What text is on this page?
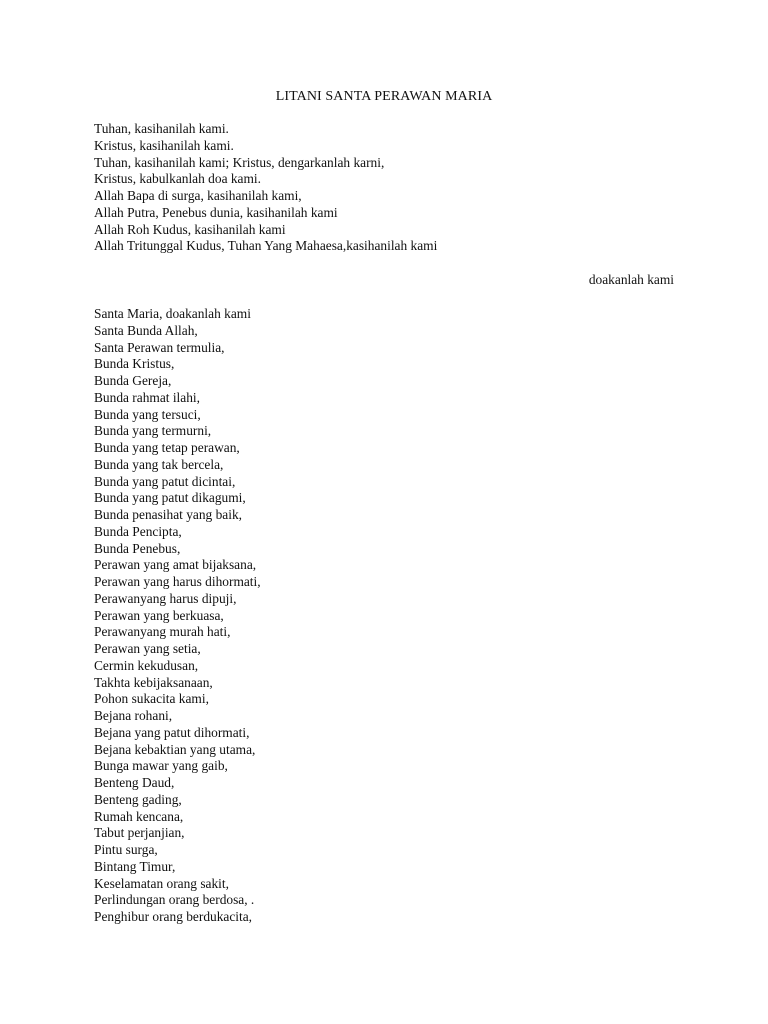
LITANI SANTA PERAWAN MARIA
Tuhan, kasihanilah kami.
Kristus, kasihanilah kami.
Tuhan, kasihanilah kami; Kristus, dengarkanlah karni,
Kristus, kabulkanlah doa kami.
Allah Bapa di surga, kasihanilah kami,
Allah Putra, Penebus dunia, kasihanilah kami
Allah Roh Kudus, kasihanilah kami
Allah Tritunggal Kudus, Tuhan Yang Mahaesa,kasihanilah kami
doakanlah kami
Santa Maria, doakanlah kami
Santa Bunda Allah,
Santa Perawan termulia,
Bunda Kristus,
Bunda Gereja,
Bunda rahmat ilahi,
Bunda yang tersuci,
Bunda yang termurni,
Bunda yang tetap perawan,
Bunda yang tak bercela,
Bunda yang patut dicintai,
Bunda yang patut dikagumi,
Bunda penasihat yang baik,
Bunda Pencipta,
Bunda Penebus,
Perawan yang amat bijaksana,
Perawan yang harus dihormati,
Perawanyang harus dipuji,
Perawan yang berkuasa,
Perawanyang murah hati,
Perawan yang setia,
Cermin kekudusan,
Takhta kebijaksanaan,
Pohon sukacita kami,
Bejana rohani,
Bejana yang patut dihormati,
Bejana kebaktian yang utama,
Bunga mawar yang gaib,
Benteng Daud,
Benteng gading,
Rumah kencana,
Tabut perjanjian,
Pintu surga,
Bintang Timur,
Keselamatan orang sakit,
Perlindungan orang berdosa, .
Penghibur orang berdukacita,
